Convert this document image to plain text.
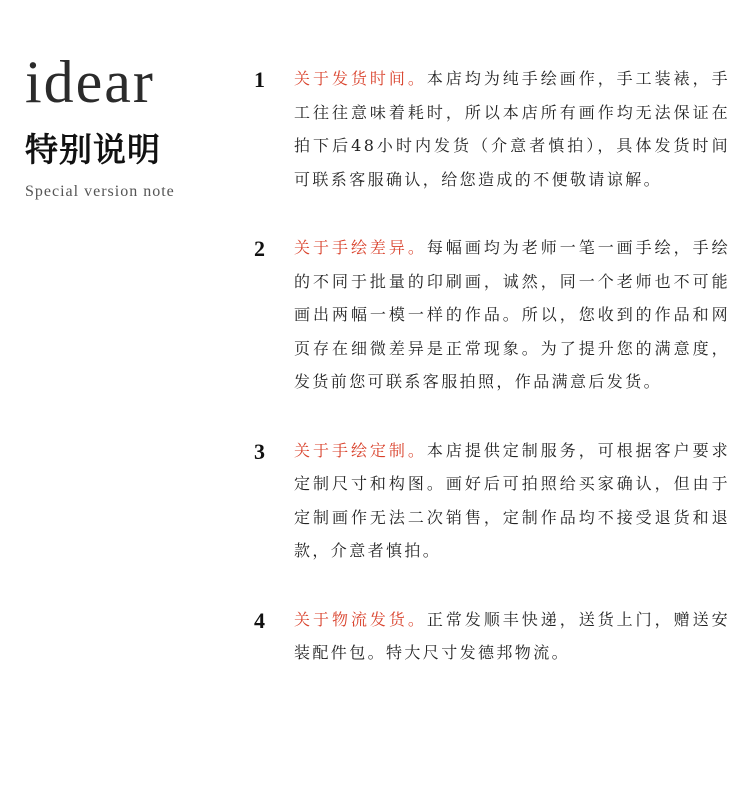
idear
特别说明
Special version note
1 关于发货时间。本店均为纯手绘画作，手工装裱，手工往往意味着耗时，所以本店所有画作均无法保证在拍下后48小时内发货（介意者慎拍），具体发货时间可联系客服确认，给您造成的不便敬请谅解。
2 关于手绘差异。每幅画均为老师一笔一画手绘，手绘的不同于批量的印刷画，诚然，同一个老师也不可能画出两幅一模一样的作品。所以，您收到的作品和网页存在细微差异是正常现象。为了提升您的满意度，发货前您可联系客服拍照，作品满意后发货。
3 关于手绘定制。本店提供定制服务，可根据客户要求定制尺寸和构图。画好后可拍照给买家确认，但由于定制画作无法二次销售，定制作品均不接受退货和退款，介意者慎拍。
4 关于物流发货。正常发顺丰快递，送货上门，赠送安装配件包。特大尺寸发德邦物流。
